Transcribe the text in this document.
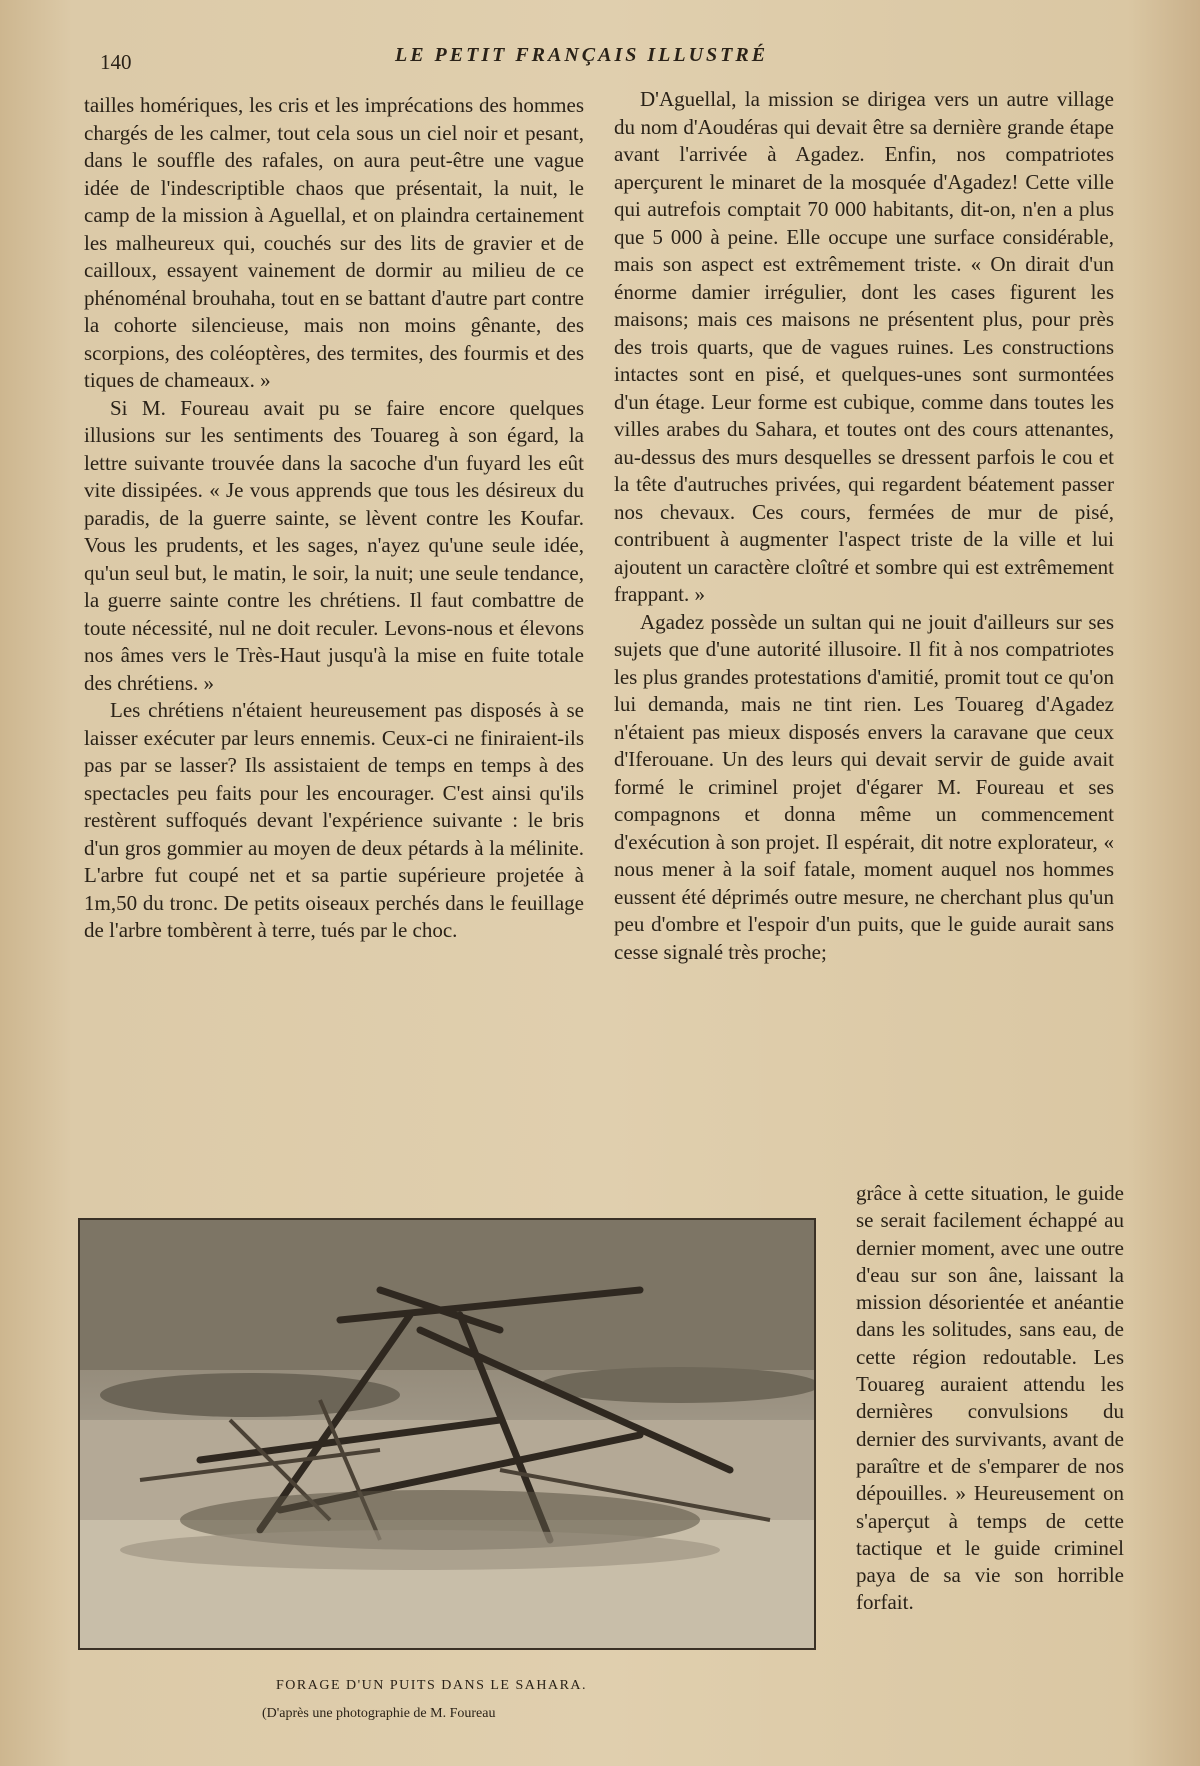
140	LE PETIT FRANÇAIS ILLUSTRÉ

tailles homériques, les cris et les imprécations des hommes chargés de les calmer, tout cela sous un ciel noir et pesant, dans le souffle des rafales, on aura peut-être une vague idée de l'indescriptible chaos que présentait, la nuit, le camp de la mission à Aguellal, et on plaindra certainement les malheureux qui, couchés sur des lits de gravier et de cailloux, essayent vainement de dormir au milieu de ce phénoménal brouhaha, tout en se battant d'autre part contre la cohorte silencieuse, mais non moins gênante, des scorpions, des coléoptères, des termites, des fourmis et des tiques de chameaux. »

Si M. Foureau avait pu se faire encore quelques illusions sur les sentiments des Touareg à son égard, la lettre suivante trouvée dans la sacoche d'un fuyard les eût vite dissipées. « Je vous apprends que tous les désireux du paradis, de la guerre sainte, se lèvent contre les Koufar. Vous les prudents, et les sages, n'ayez qu'une seule idée, qu'un seul but, le matin, le soir, la nuit; une seule tendance, la guerre sainte contre les chrétiens. Il faut combattre de toute nécessité, nul ne doit reculer. Levons-nous et élevons nos âmes vers le Très-Haut jusqu'à la mise en fuite totale des chrétiens. »

Les chrétiens n'étaient heureusement pas disposés à se laisser exécuter par leurs ennemis. Ceux-ci ne finiraient-ils pas par se lasser? Ils assistaient de temps en temps à des spectacles peu faits pour les encourager. C'est ainsi qu'ils restèrent suffoqués devant l'expérience suivante : le bris d'un gros gommier au moyen de deux pétards à la mélinite. L'arbre fut coupé net et sa partie supérieure projetée à 1m,50 du tronc. De petits oiseaux perchés dans le feuillage de l'arbre tombèrent à terre, tués par le choc.

D'Aguellal, la mission se dirigea vers un autre village du nom d'Aoudéras qui devait être sa dernière grande étape avant l'arrivée à Agadez. Enfin, nos compatriotes aperçurent le minaret de la mosquée d'Agadez! Cette ville qui autrefois comptait 70 000 habitants, dit-on, n'en a plus que 5 000 à peine. Elle occupe une surface considérable, mais son aspect est extrêmement triste. « On dirait d'un énorme damier irrégulier, dont les cases figurent les maisons; mais ces maisons ne présentent plus, pour près des trois quarts, que de vagues ruines. Les constructions intactes sont en pisé, et quelques-unes sont surmontées d'un étage. Leur forme est cubique, comme dans toutes les villes arabes du Sahara, et toutes ont des cours attenantes, au-dessus des murs desquelles se dressent parfois le cou et la tête d'autruches privées, qui regardent béatement passer nos chevaux. Ces cours, fermées de mur de pisé, contribuent à augmenter l'aspect triste de la ville et lui ajoutent un caractère cloîtré et sombre qui est extrêmement frappant. »

Agadez possède un sultan qui ne jouit d'ailleurs sur ses sujets que d'une autorité illusoire. Il fit à nos compatriotes les plus grandes protestations d'amitié, promit tout ce qu'on lui demanda, mais ne tint rien. Les Touareg d'Agadez n'étaient pas mieux disposés envers la caravane que ceux d'Iferouane. Un des leurs qui devait servir de guide avait formé le criminel projet d'égarer M. Foureau et ses compagnons et donna même un commencement d'exécution à son projet. Il espérait, dit notre explorateur, « nous mener à la soif fatale, moment auquel nos hommes eussent été déprimés outre mesure, ne cherchant plus qu'un peu d'ombre et l'espoir d'un puits, que le guide aurait sans cesse signalé très proche;

grâce à cette situation, le guide se serait facilement échappé au dernier moment, avec une outre d'eau sur son âne, laissant la mission désorientée et anéantie dans les solitudes, sans eau, de cette région redoutable. Les Touareg auraient attendu les dernières convulsions du dernier des survivants, avant de paraître et de s'emparer de nos dépouilles. » Heureusement on s'aperçut à temps de cette tactique et le guide criminel paya de sa vie son horrible forfait.
FORAGE D'UN PUITS DANS LE SAHARA.
(D'après une photographie de M. Foureau
